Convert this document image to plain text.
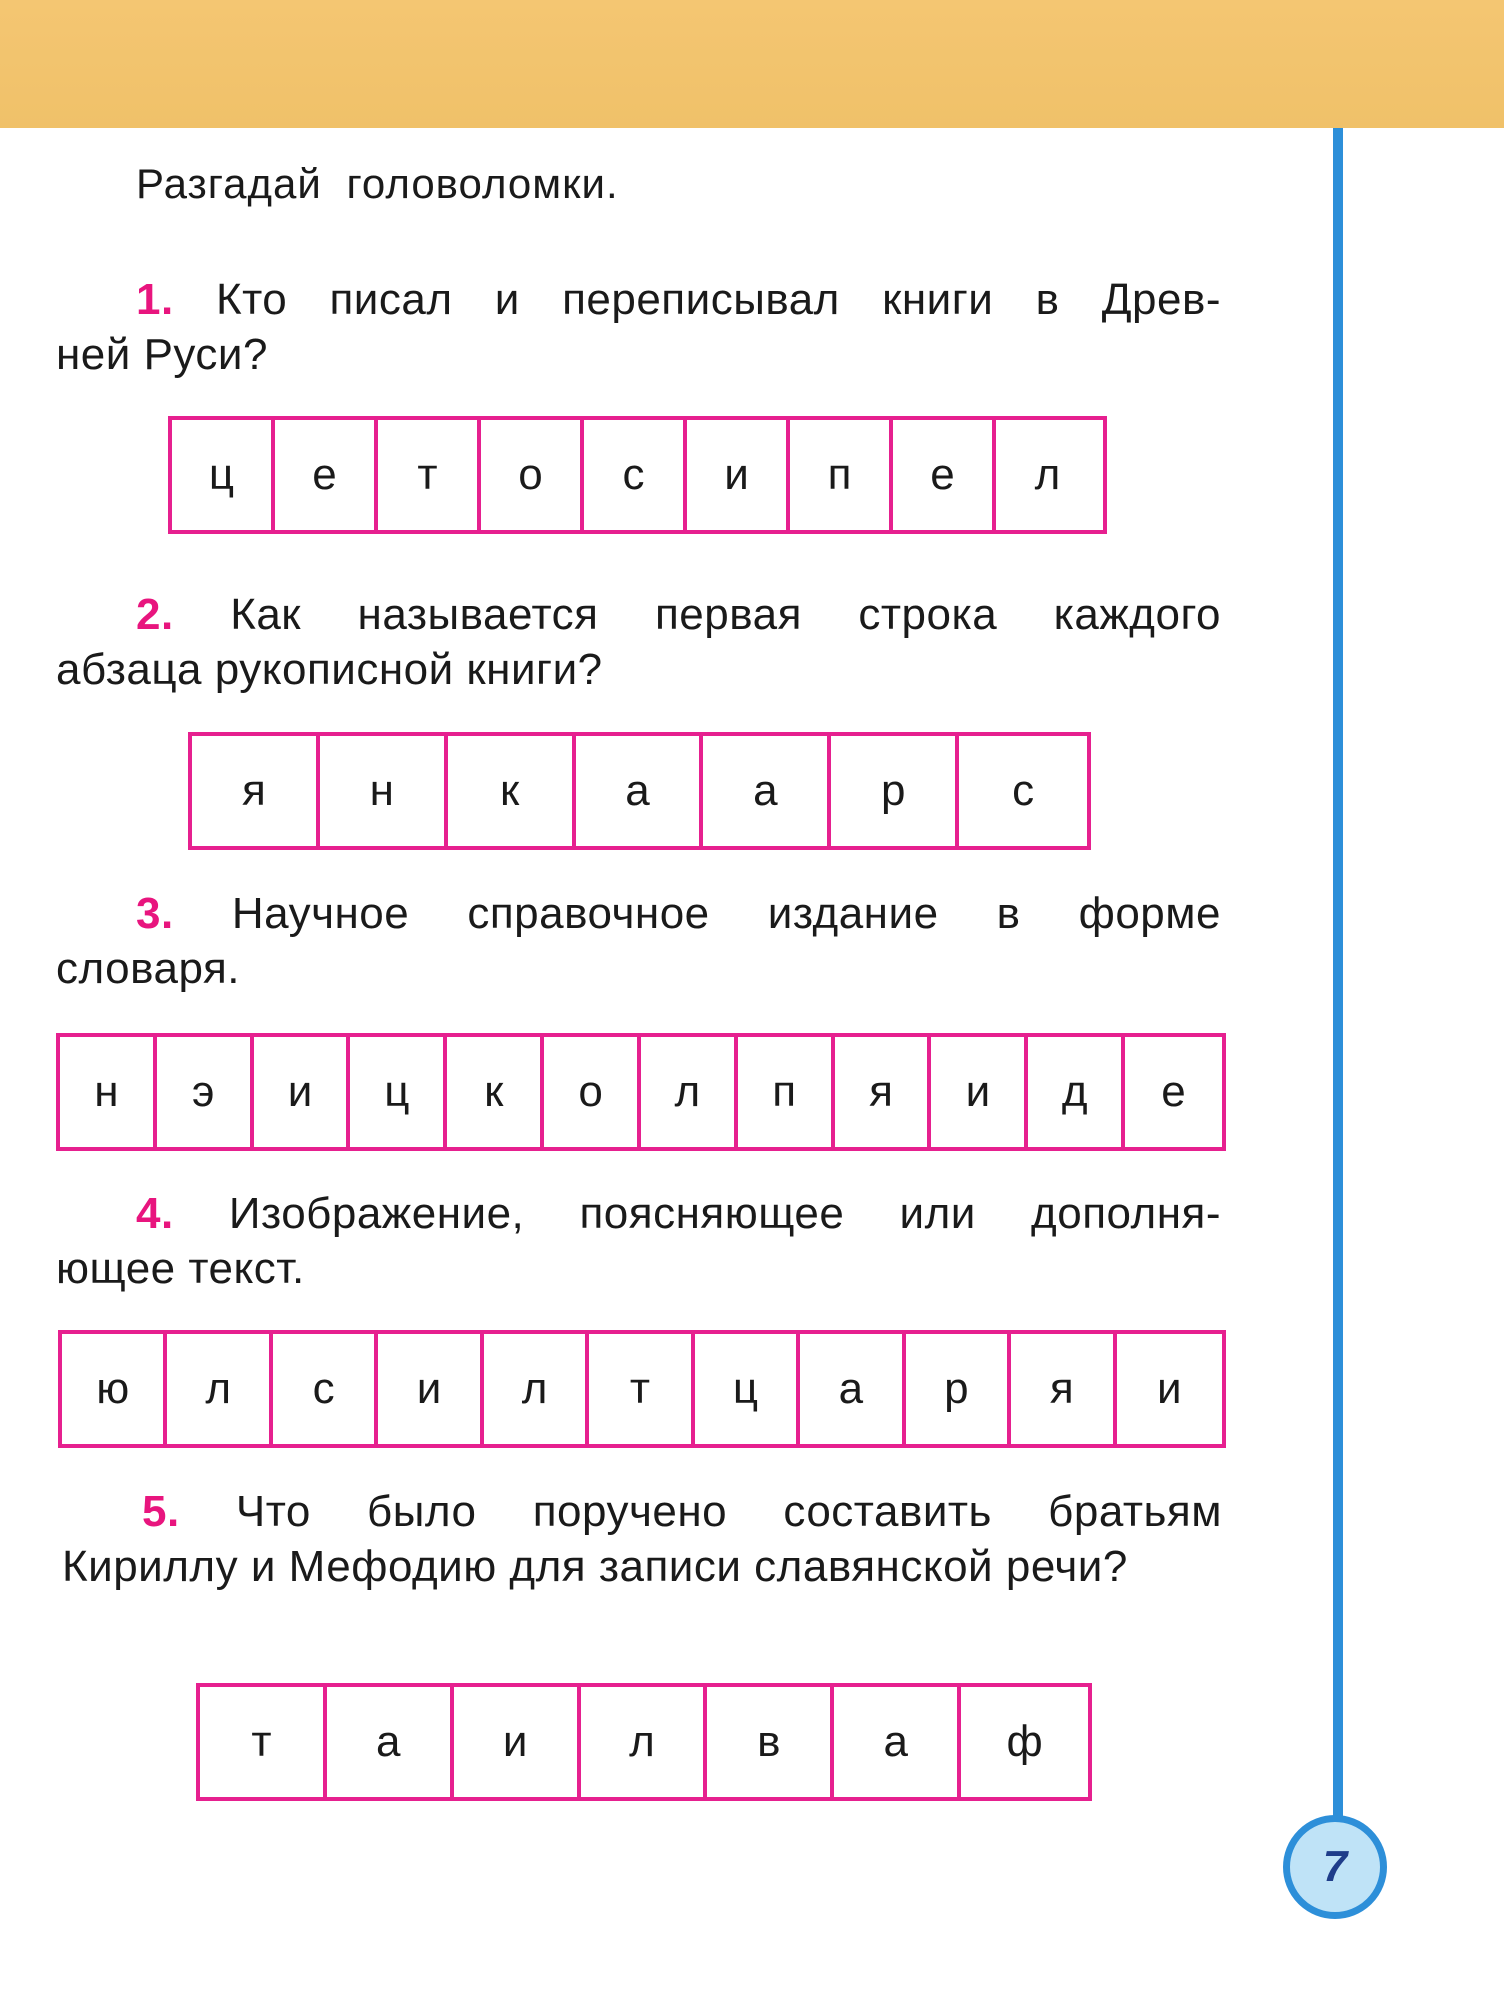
Разгадай головоломки.
1. Кто писал и переписывал книги в Древ-
ней Руси?
ц	е	т	о	с	и	п	е	л
2. Как называется первая строка каждого
абзаца рукописной книги?
я	н	к	а	а	р	с
3. Научное справочное издание в форме
словаря.
н	э	и	ц	к	о	л	п	я	и	д	е
4. Изображение, поясняющее или дополня-
ющее текст.
ю	л	с	и	л	т	ц	а	р	я	и
5. Что было поручено составить братьям
Кириллу и Мефодию для записи славянской речи?
т	а	и	л	в	а	ф
7
